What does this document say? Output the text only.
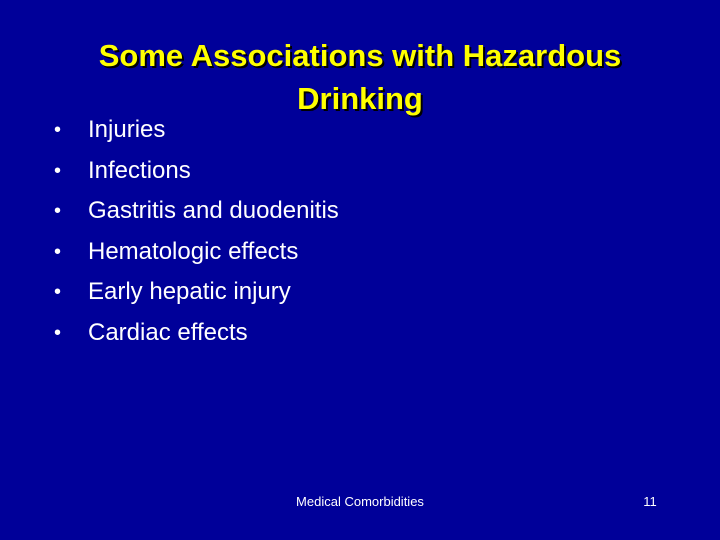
Some Associations with Hazardous Drinking
• Injuries
• Infections
• Gastritis and duodenitis
• Hematologic effects
• Early hepatic injury
• Cardiac effects
Medical Comorbidities	11
